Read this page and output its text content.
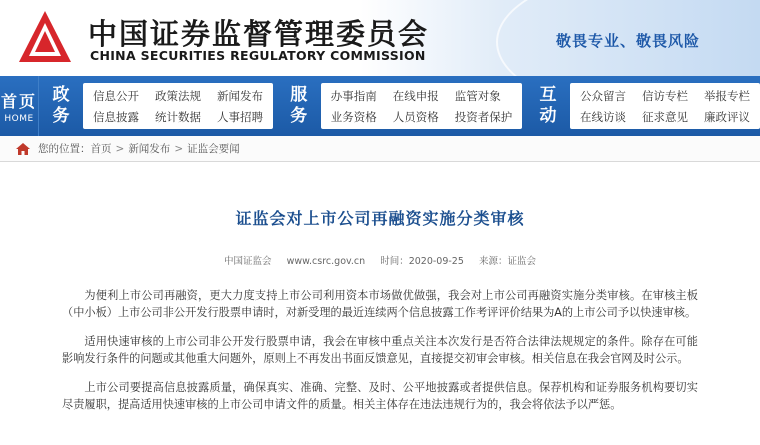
中国证券监督管理委员会
CHINA SECURITIES REGULATORY COMMISSION
敬畏专业、敬畏风险
首页
HOME
政
务
信息公开 政策法规 新闻发布
信息披露 统计数据 人事招聘
服
务
办事指南 在线申报 监管对象
业务资格 人员资格 投资者保护
互
动
公众留言 信访专栏 举报专栏
在线访谈 征求意见 廉政评议
您的位置： 首页 > 新闻发布 > 证监会要闻
证监会对上市公司再融资实施分类审核
中国证监会 www.csrc.gov.cn 时间：2020-09-25 来源：证监会

为便利上市公司再融资，更大力度支持上市公司利用资本市场做优做强，我会对上市公司再融资实施分类审核。在审核主板（中小板）上市公司非公开发行股票申请时，对新受理的最近连续两个信息披露工作考评评价结果为A的上市公司予以快速审核。

适用快速审核的上市公司非公开发行股票申请，我会在审核中重点关注本次发行是否符合法律法规规定的条件。除存在可能影响发行条件的问题或其他重大问题外，原则上不再发出书面反馈意见，直接提交初审会审核。相关信息在我会官网及时公示。

上市公司要提高信息披露质量，确保真实、准确、完整、及时、公平地披露或者提供信息。保荐机构和证券服务机构要切实尽责履职，提高适用快速审核的上市公司申请文件的质量。相关主体存在违法违规行为的，我会将依法予以严惩。
